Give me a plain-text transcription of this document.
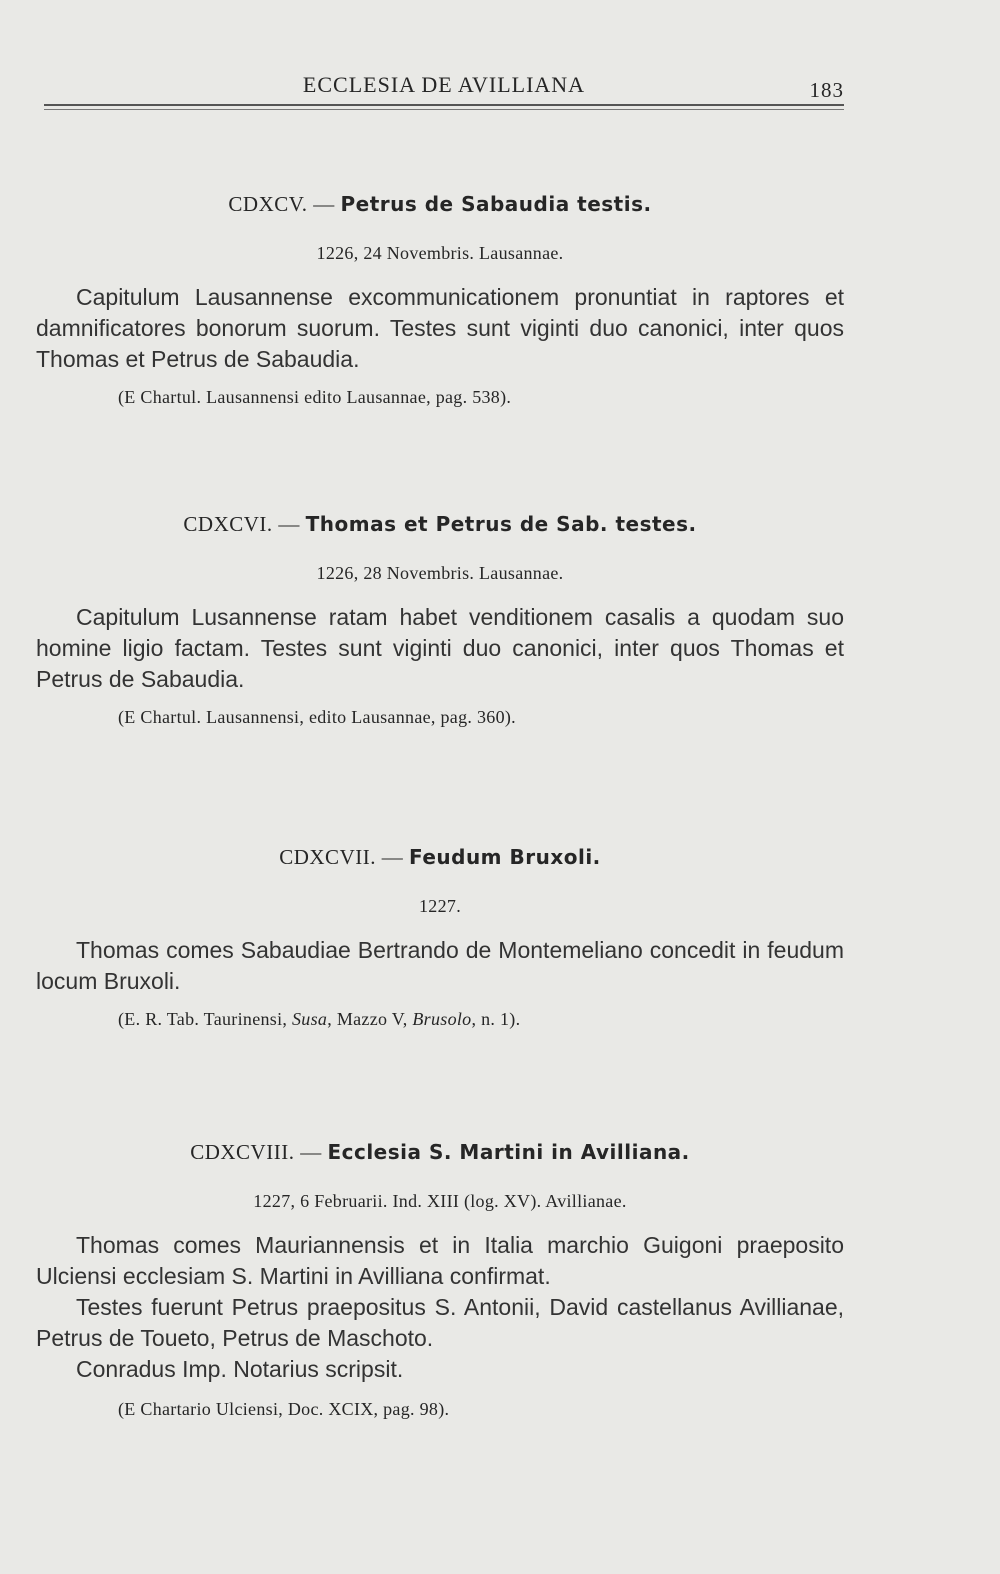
ECCLESIA DE AVILLIANA	183

CDXCV. — Petrus de Sabaudia testis.

1226, 24 Novembris. Lausannae.

Capitulum Lausannense excommunicationem pronuntiat in raptores et damnificatores bonorum suorum. Testes sunt viginti duo canonici, inter quos Thomas et Petrus de Sabaudia.

(E Chartul. Lausannensi edito Lausannae, pag. 538).

CDXCVI. — Thomas et Petrus de Sab. testes.

1226, 28 Novembris. Lausannae.

Capitulum Lusannense ratam habet venditionem casalis a quodam suo homine ligio factam. Testes sunt viginti duo canonici, inter quos Thomas et Petrus de Sabaudia.

(E Chartul. Lausannensi, edito Lausannae, pag. 360).

CDXCVII. — Feudum Bruxoli.

1227.

Thomas comes Sabaudiae Bertrando de Montemeliano concedit in feudum locum Bruxoli.

(E. R. Tab. Taurinensi, Susa, Mazzo V, Brusolo, n. 1).

CDXCVIII. — Ecclesia S. Martini in Avilliana.

1227, 6 Februarii. Ind. XIII (log. XV). Avillianae.

Thomas comes Mauriannensis et in Italia marchio Guigoni praeposito Ulciensi ecclesiam S. Martini in Avilliana confirmat.

Testes fuerunt Petrus praepositus S. Antonii, David castellanus Avillianae, Petrus de Toueto, Petrus de Maschoto.

Conradus Imp. Notarius scripsit.

(E Chartario Ulciensi, Doc. XCIX, pag. 98).
